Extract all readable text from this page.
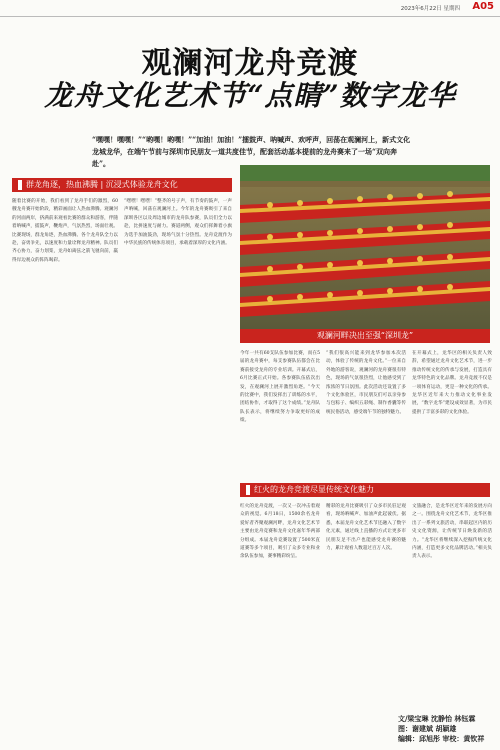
2023年6月22日 星期四 A05
观澜河龙舟竞渡
龙舟文化艺术节“点睛”数字龙华
“嘿嘿！嘿嘿！”“哟嘿！哟嘿！”“加油！加油！”擂鼓声、呐喊声、欢呼声，回荡在观澜河上，新式文化龙城龙华，在端午节前与深圳市民朋友一道共度佳节，配套活动基本提前的龙舟赛来了一场“双向奔赴”。
群龙角逐，热血沸腾 | 沉浸式体验龙舟文化
观澜河畔决出至强“深圳龙”
红火的龙舟竞渡尽显传统文化魅力
随着比赛的开始，我们看到了龙舟手们的激烈，60艘龙舟赛开始阶段，精彩画面让人热血沸腾。观澜河的河面两岸，挤满前来观看比赛的群众和游客，伴随着呐喊声，擂鼓声，鞭炮声，气氛热烈，场面壮观。比赛现场，群龙角逐，热血沸腾。各个龙舟队全力以赴，奋勇争先，以速度和力量诠释龙舟精神。队员们齐心协力，奋力划桨，龙舟如离弦之箭飞驰向前，赢得岸边观众的阵阵喝彩。
“嘿嘿！嘿嘿！”整齐的号子声，有节奏的鼓声，一声声呐喊，回荡在观澜河上。今年的龙舟赛吸引了来自深圳各区以及周边城市的龙舟队参赛，队员们全力以赴，比拼速度与耐力。赛道两侧，观众们挥舞着小旗为选手加油鼓劲，现场气氛十分热烈。龙舟竞渡作为中华民族的传统体育项目，承载着深厚的文化内涵。
今年一共有60支队伍参加比赛，而在5届的龙舟赛中，每支参赛队伍都会在比赛前接受龙舟的专业培训。开幕式后，6月比赛正式开始。各参赛队伍依次出发，在观澜河上展开激烈角逐。“今天的比赛中，我们发挥出了训练的水平，团结协作，才取得了这个成绩。”龙舟队队长表示，将继续努力争取更好的成绩。
“我们很高兴能来到龙华参加本次活动，体验了传统的龙舟文化。”一位来自外地的游客说，观澜河的龙舟赛很有特色，现场的气氛很热烈，让他感受到了浓浓的节日氛围。此次活动还设置了多个文化体验区，市民朋友们可以亲身参与包粽子、编织五彩绳、制作香囊等传统民俗活动，感受端午节的独特魅力。
在开幕式上，龙华区的相关负责人致辞，希望通过龙舟文化艺术节，进一步推动传统文化的传承与发展，打造具有龙华特色的文化品牌。龙舟竞渡不仅是一项体育运动，更是一种文化的传承。龙华区近年来大力推动文化事业发展，“数字龙华”建设成效显著，为市民提供了丰富多彩的文化体验。
红火的龙舟竞渡，一次又一次冲击着观众的视觉。6月18日，1500余名龙舟爱好者齐聚观澜河畔，龙舟文化艺术节主要由龙舟竞赛和龙舟文化嘉年华两部分组成。本届龙舟竞赛设置了500米直道赛等多个项目，吸引了众多专业和业余队伍参加，赛事精彩纷呈。
精彩的龙舟比赛吸引了众多市民驻足观看，现场呐喊声、加油声此起彼伏。据悉，本届龙舟文化艺术节还融入了数字化元素，通过线上直播的方式让更多市民朋友足不出户也能感受龙舟赛的魅力，累计观看人数超过百万人次。
文旅融合，是龙华区近年来的发展方向之一。围绕龙舟文化艺术节，龙华区推出了一系列文旅活动，串联起区内的历史文化资源，让传统节日焕发新的活力。“龙华区将继续深入挖掘传统文化内涵，打造更多文化品牌活动。”相关负责人表示。
文/梁宝琳 沈静怡 林钰霖
图：谢建斌 胡颖雄
编辑：邱旭彤 审校：黄钦祥
